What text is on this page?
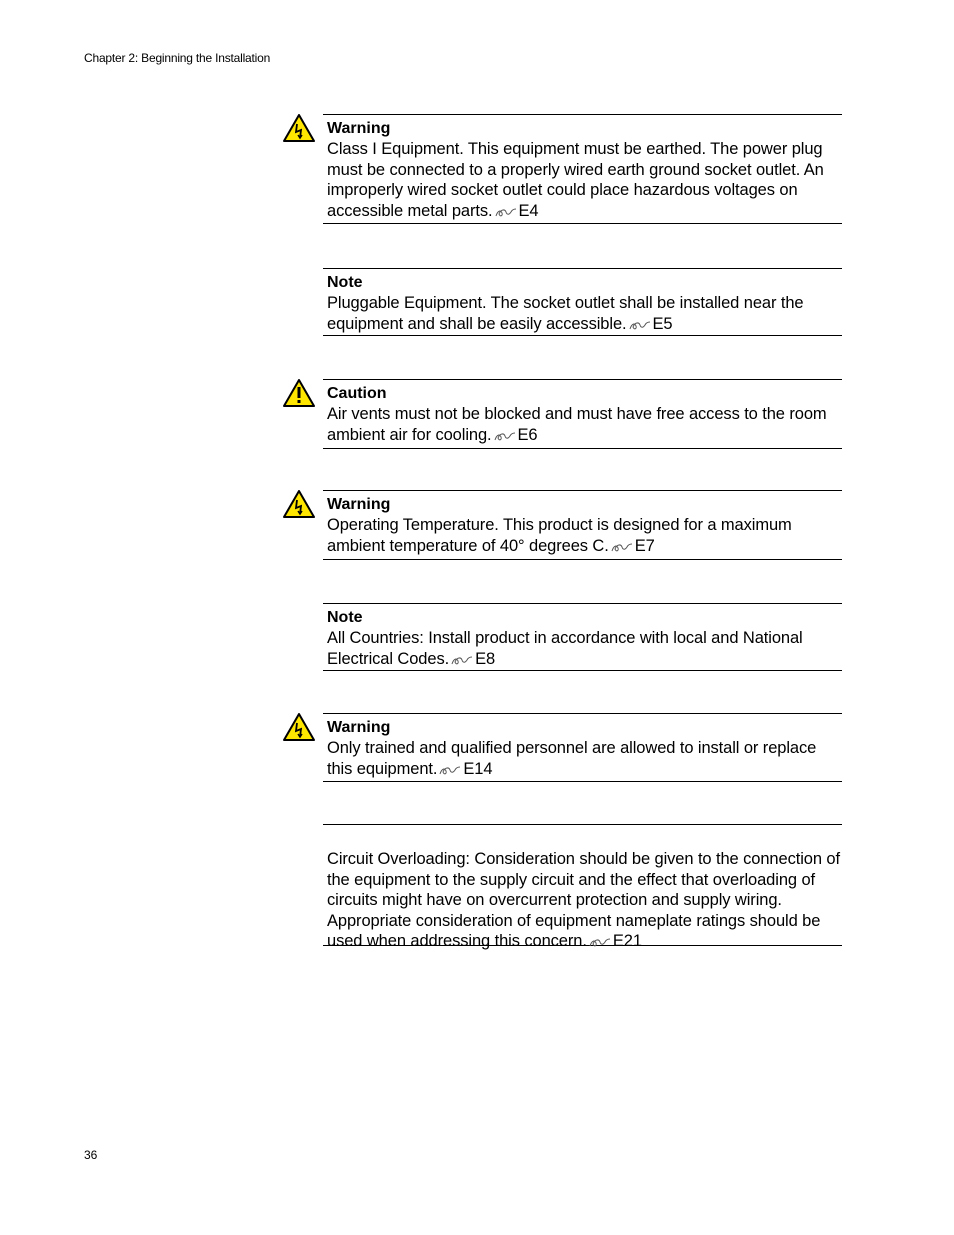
Chapter 2: Beginning the Installation

Warning

Class I Equipment. This equipment must be earthed. The power plug must be connected to a properly wired earth ground socket outlet. An improperly wired socket outlet could place hazardous voltages on accessible metal parts. E4

Note

Pluggable Equipment. The socket outlet shall be installed near the equipment and shall be easily accessible. E5

Caution

Air vents must not be blocked and must have free access to the room ambient air for cooling. E6

Warning

Operating Temperature. This product is designed for a maximum ambient temperature of 40° degrees C. E7

Note

All Countries: Install product in accordance with local and National Electrical Codes. E8

Warning

Only trained and qualified personnel are allowed to install or replace this equipment. E14

Circuit Overloading: Consideration should be given to the connection of the equipment to the supply circuit and the effect that overloading of circuits might have on overcurrent protection and supply wiring. Appropriate consideration of equipment nameplate ratings should be used when addressing this concern. E21

36
